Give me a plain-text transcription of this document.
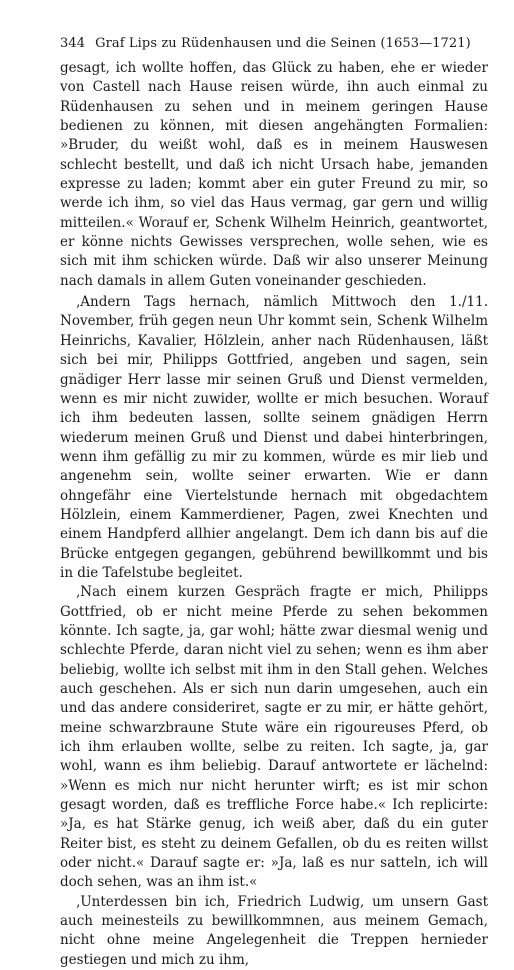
344 Graf Lips zu Rüdenhausen und die Seinen (1653—1721)

gesagt, ich wollte hoffen, das Glück zu haben, ehe er wieder von Castell nach Hause reisen würde, ihn auch einmal zu Rüdenhausen zu sehen und in meinem geringen Hause bedienen zu können, mit diesen angehängten Formalien: »Bruder, du weißt wohl, daß es in meinem Hauswesen schlecht bestellt, und daß ich nicht Ursach habe, jemanden expresse zu laden; kommt aber ein guter Freund zu mir, so werde ich ihm, so viel das Haus vermag, gar gern und willig mitteilen.« Worauf er, Schenk Wilhelm Heinrich, geantwortet, er könne nichts Gewisses versprechen, wolle sehen, wie es sich mit ihm schicken würde. Daß wir also unserer Meinung nach damals in allem Guten voneinander geschieden.

‚Andern Tags hernach, nämlich Mittwoch den 1./11. November, früh gegen neun Uhr kommt sein, Schenk Wilhelm Heinrichs, Kavalier, Hölzlein, anher nach Rüdenhausen, läßt sich bei mir, Philipps Gottfried, angeben und sagen, sein gnädiger Herr lasse mir seinen Gruß und Dienst vermelden, wenn es mir nicht zuwider, wollte er mich besuchen. Worauf ich ihm bedeuten lassen, sollte seinem gnädigen Herrn wiederum meinen Gruß und Dienst und dabei hinterbringen, wenn ihm gefällig zu mir zu kommen, würde es mir lieb und angenehm sein, wollte seiner erwarten. Wie er dann ohngefähr eine Viertelstunde hernach mit obgedachtem Hölzlein, einem Kammerdiener, Pagen, zwei Knechten und einem Handpferd allhier angelangt. Dem ich dann bis auf die Brücke entgegen gegangen, gebührend bewillkommt und bis in die Tafelstube begleitet.

‚Nach einem kurzen Gespräch fragte er mich, Philipps Gottfried, ob er nicht meine Pferde zu sehen bekommen könnte. Ich sagte, ja, gar wohl; hätte zwar diesmal wenig und schlechte Pferde, daran nicht viel zu sehen; wenn es ihm aber beliebig, wollte ich selbst mit ihm in den Stall gehen. Welches auch geschehen. Als er sich nun darin umgesehen, auch ein und das andere consideriret, sagte er zu mir, er hätte gehört, meine schwarzbraune Stute wäre ein rigoureuses Pferd, ob ich ihm erlauben wollte, selbe zu reiten. Ich sagte, ja, gar wohl, wann es ihm beliebig. Darauf antwortete er lächelnd: »Wenn es mich nur nicht herunter wirft; es ist mir schon gesagt worden, daß es treffliche Force habe.« Ich replicirte: »Ja, es hat Stärke genug, ich weiß aber, daß du ein guter Reiter bist, es steht zu deinem Gefallen, ob du es reiten willst oder nicht.« Darauf sagte er: »Ja, laß es nur satteln, ich will doch sehen, was an ihm ist.«

‚Unterdessen bin ich, Friedrich Ludwig, um unsern Gast auch meinesteils zu bewillkommnen, aus meinem Gemach, nicht ohne meine Angelegenheit die Treppen hernieder gestiegen und mich zu ihm,
